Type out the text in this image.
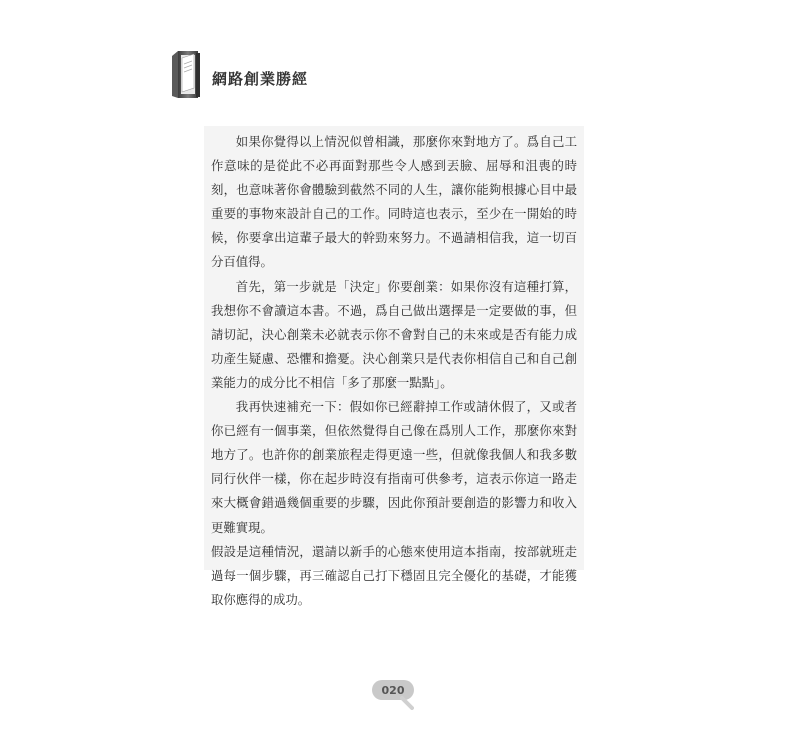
網路創業勝經

如果你覺得以上情況似曾相識，那麼你來對地方了。爲自己工作意味的是從此不必再面對那些令人感到丟臉、屈辱和沮喪的時刻，也意味著你會體驗到截然不同的人生，讓你能夠根據心目中最重要的事物來設計自己的工作。同時這也表示，至少在一開始的時候，你要拿出這輩子最大的幹勁來努力。不過請相信我，這一切百分百值得。

首先，第一步就是「決定」你要創業：如果你沒有這種打算，我想你不會讀這本書。不過，爲自己做出選擇是一定要做的事，但請切記，決心創業未必就表示你不會對自己的未來或是否有能力成功產生疑慮、恐懼和擔憂。決心創業只是代表你相信自己和自己創業能力的成分比不相信「多了那麼一點點」。

我再快速補充一下：假如你已經辭掉工作或請休假了，又或者你已經有一個事業，但依然覺得自己像在爲別人工作，那麼你來對地方了。也許你的創業旅程走得更遠一些，但就像我個人和我多數同行伙伴一樣，你在起步時沒有指南可供參考，這表示你這一路走來大概會錯過幾個重要的步驟，因此你預計要創造的影響力和收入更難實現。

假設是這種情況，還請以新手的心態來使用這本指南，按部就班走過每一個步驟，再三確認自己打下穩固且完全優化的基礎，才能獲取你應得的成功。

020
